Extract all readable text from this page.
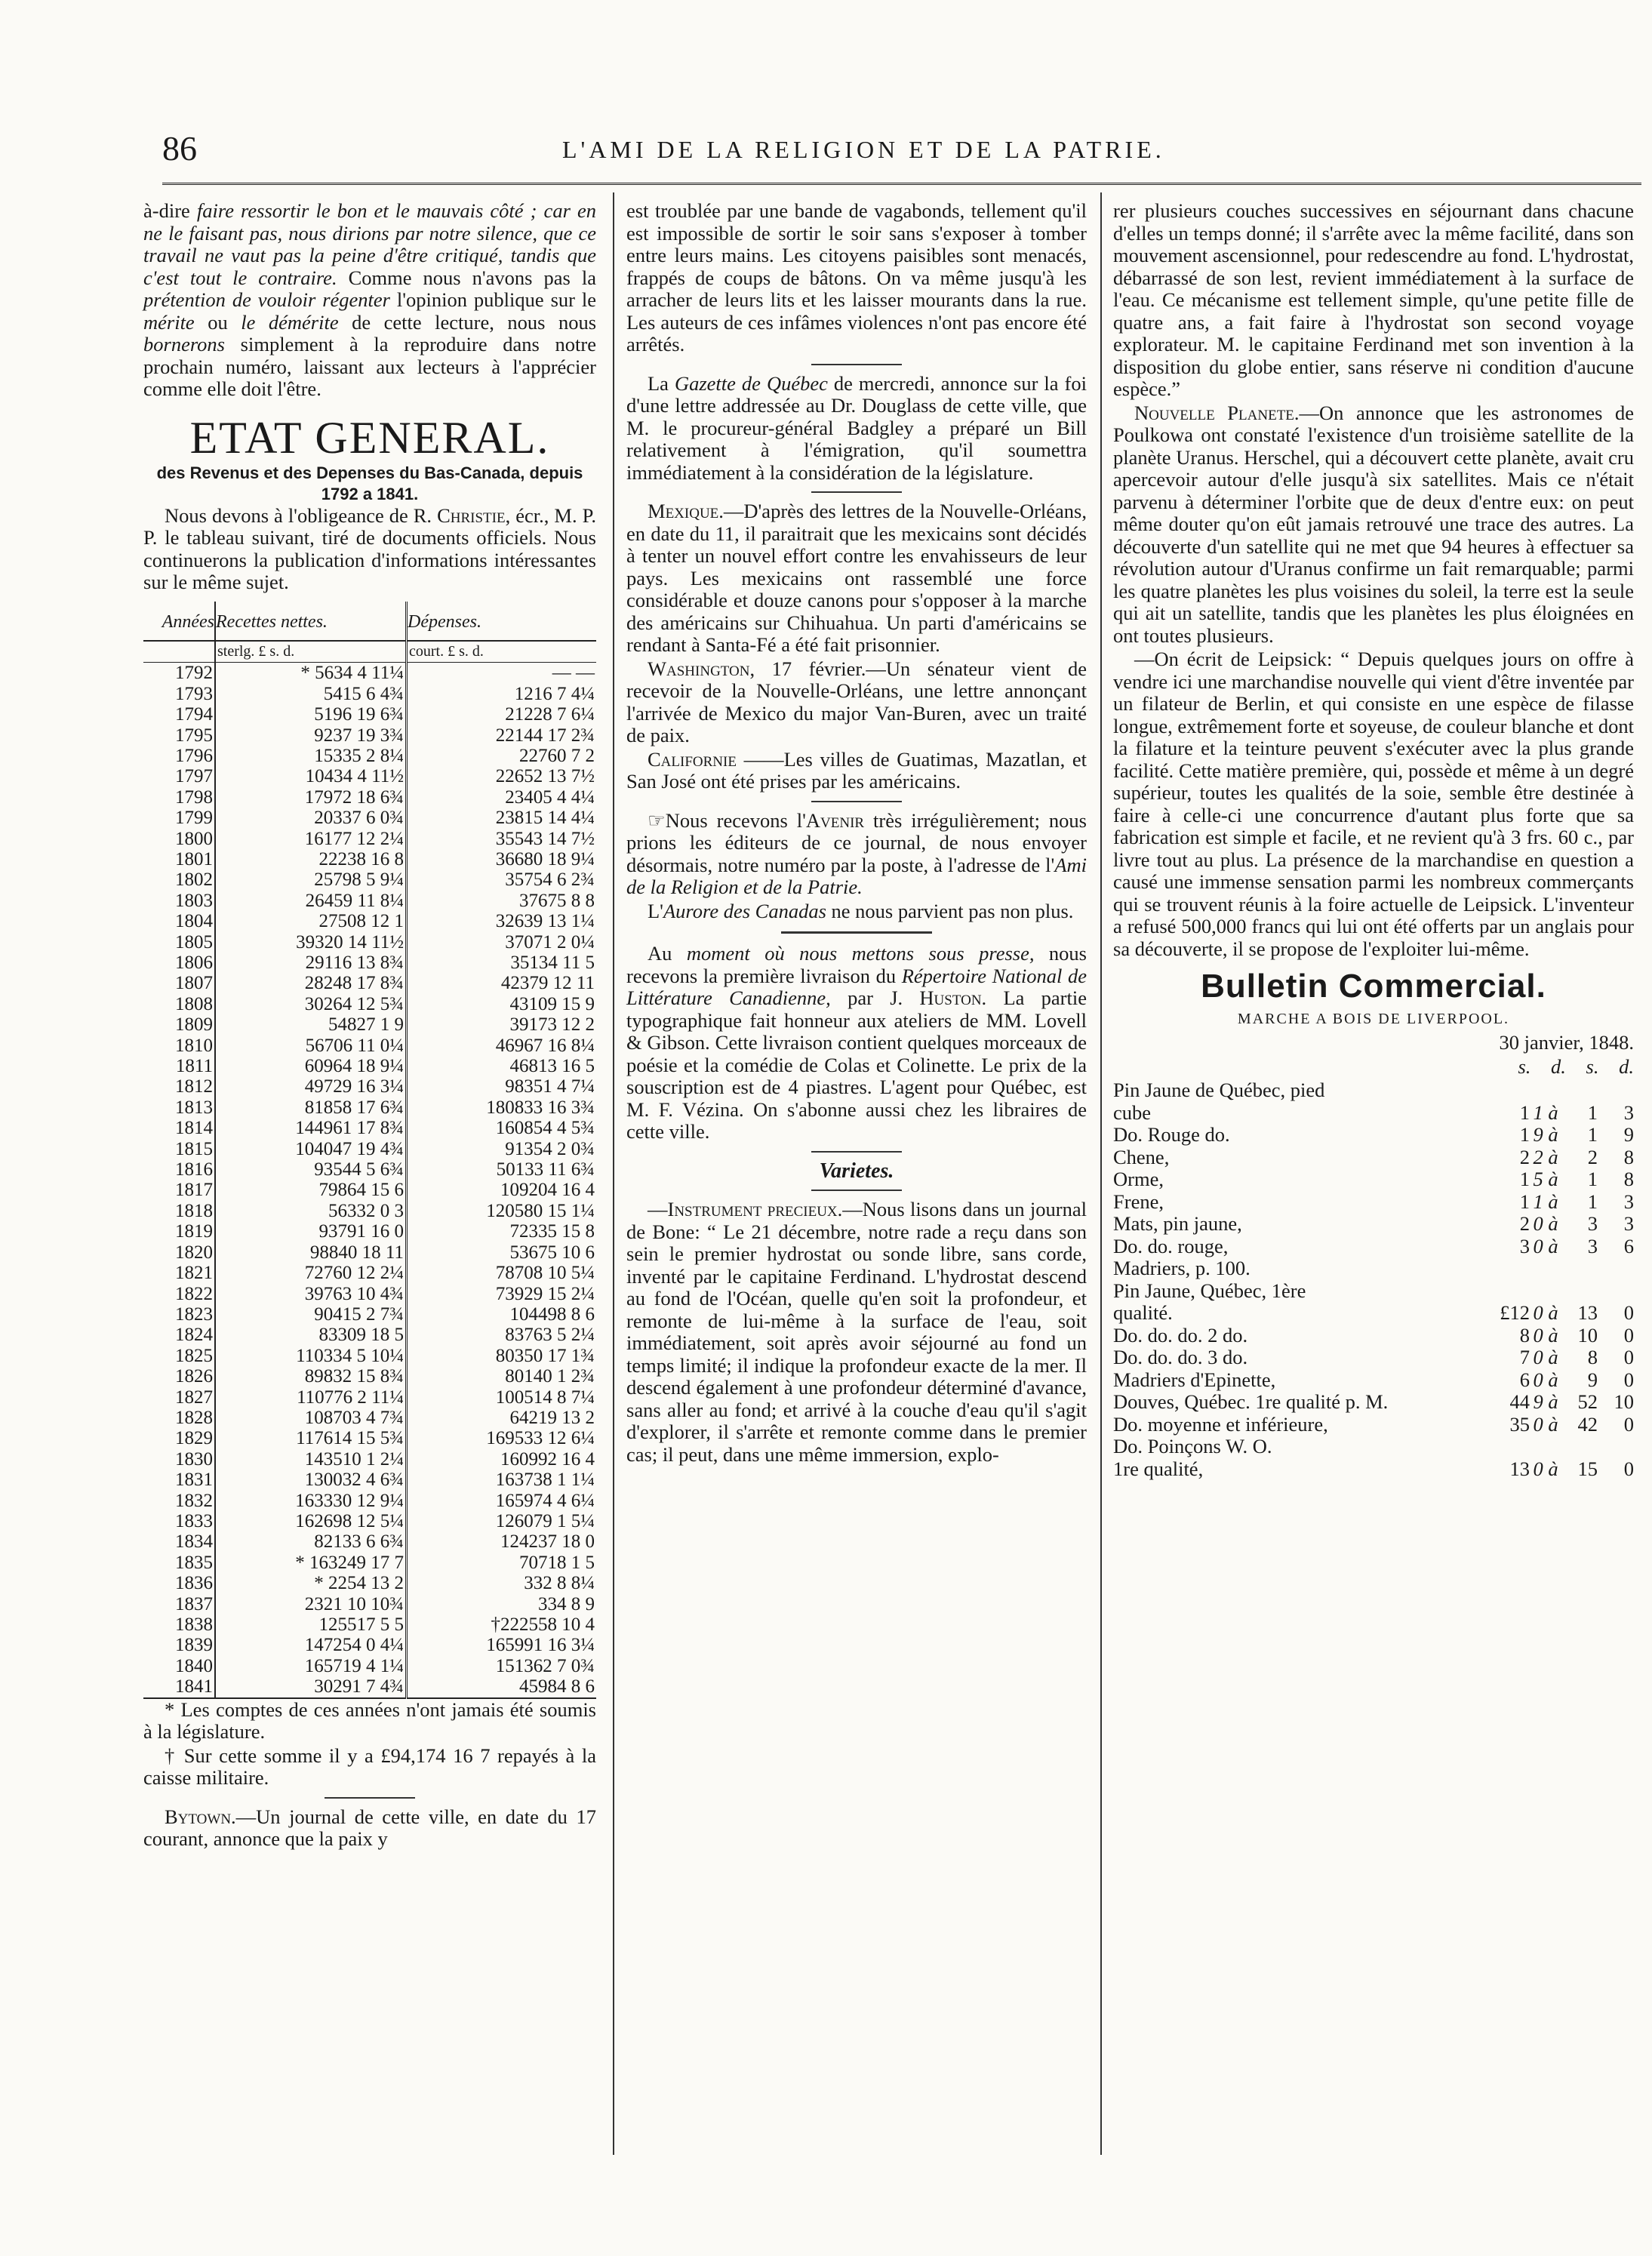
86	L'AMI DE LA RELIGION ET DE LA PATRIE.

à-dire faire ressortir le bon et le mauvais côté ; car en ne le faisant pas, nous dirions par notre silence, que ce travail ne vaut pas la peine d'être critiqué, tandis que c'est tout le contraire. Comme nous n'avons pas la prétention de vouloir régenter l'opinion publique sur le mérite ou le démérite de cette lecture, nous nous bornerons simplement à la reproduire dans notre prochain numéro, laissant aux lecteurs à l'apprécier comme elle doit l'être.

ETAT GENERAL.
des Revenus et des Depenses du Bas-Canada, depuis 1792 a 1841.

Nous devons à l'obligeance de R. Christie, écr., M. P. P. le tableau suivant, tiré de documents officiels. Nous continuerons la publication d'informations intéressantes sur le même sujet.

Années	Recettes nettes.	Dépenses.
	sterlg. £ s. d.	court. £ s. d.
1792	* 5634 4 11¼	— —
1793	5415 6 4¾	1216 7 4¼
1794	5196 19 6¾	21228 7 6¼
1795	9237 19 3¾	22144 17 2¾
1796	15335 2 8¼	22760 7 2
1797	10434 4 11½	22652 13 7½
1798	17972 18 6¾	23405 4 4¼
1799	20337 6 0¾	23815 14 4¼
1800	16177 12 2¼	35543 14 7½
1801	22238 16 8	36680 18 9¼
1802	25798 5 9¼	35754 6 2¾
1803	26459 11 8¼	37675 8 8
1804	27508 12 1	32639 13 1¼
1805	39320 14 11½	37071 2 0¼
1806	29116 13 8¾	35134 11 5
1807	28248 17 8¾	42379 12 11
1808	30264 12 5¾	43109 15 9
1809	54827 1 9	39173 12 2
1810	56706 11 0¼	46967 16 8¼
1811	60964 18 9¼	46813 16 5
1812	49729 16 3¼	98351 4 7¼
1813	81858 17 6¾	180833 16 3¾
1814	144961 17 8¾	160854 4 5¾
1815	104047 19 4¾	91354 2 0¾
1816	93544 5 6¾	50133 11 6¾
1817	79864 15 6	109204 16 4
1818	56332 0 3	120580 15 1¼
1819	93791 16 0	72335 15 8
1820	98840 18 11	53675 10 6
1821	72760 12 2¼	78708 10 5¼
1822	39763 10 4¾	73929 15 2¼
1823	90415 2 7¾	104498 8 6
1824	83309 18 5	83763 5 2¼
1825	110334 5 10¼	80350 17 1¾
1826	89832 15 8¾	80140 1 2¾
1827	110776 2 11¼	100514 8 7¼
1828	108703 4 7¾	64219 13 2
1829	117614 15 5¾	169533 12 6¼
1830	143510 1 2¼	160992 16 4
1831	130032 4 6¾	163738 1 1¼
1832	163330 12 9¼	165974 4 6¼
1833	162698 12 5¼	126079 1 5¼
1834	82133 6 6¾	124237 18 0
1835	* 163249 17 7	70718 1 5
1836	* 2254 13 2	332 8 8¼
1837	2321 10 10¾	334 8 9
1838	125517 5 5	†222558 10 4
1839	147254 0 4¼	165991 16 3¼
1840	165719 4 1¼	151362 7 0¾
1841	30291 7 4¾	45984 8 6

* Les comptes de ces années n'ont jamais été soumis à la législature.

† Sur cette somme il y a £94,174 16 7 repayés à la caisse militaire.

Bytown.—Un journal de cette ville, en date du 17 courant, annonce que la paix y

est troublée par une bande de vagabonds, tellement qu'il est impossible de sortir le soir sans s'exposer à tomber entre leurs mains. Les citoyens paisibles sont menacés, frappés de coups de bâtons. On va même jusqu'à les arracher de leurs lits et les laisser mourants dans la rue. Les auteurs de ces infâmes violences n'ont pas encore été arrêtés.

La Gazette de Québec de mercredi, annonce sur la foi d'une lettre addressée au Dr. Douglass de cette ville, que M. le procureur-général Badgley a préparé un Bill relativement à l'émigration, qu'il soumettra immédiatement à la considération de la législature.

Mexique.—D'après des lettres de la Nouvelle-Orléans, en date du 11, il paraitrait que les mexicains sont décidés à tenter un nouvel effort contre les envahisseurs de leur pays. Les mexicains ont rassemblé une force considérable et douze canons pour s'opposer à la marche des américains sur Chihuahua. Un parti d'américains se rendant à Santa-Fé a été fait prisonnier.

Washington, 17 février.—Un sénateur vient de recevoir de la Nouvelle-Orléans, une lettre annonçant l'arrivée de Mexico du major Van-Buren, avec un traité de paix.

Californie ——Les villes de Guatimas, Mazatlan, et San José ont été prises par les américains.

☞Nous recevons l'Avenir très irrégulièrement; nous prions les éditeurs de ce journal, de nous envoyer désormais, notre numéro par la poste, à l'adresse de l'Ami de la Religion et de la Patrie.

L'Aurore des Canadas ne nous parvient pas non plus.

Au moment où nous mettons sous presse, nous recevons la première livraison du Répertoire National de Littérature Canadienne, par J. Huston. La partie typographique fait honneur aux ateliers de MM. Lovell & Gibson. Cette livraison contient quelques morceaux de poésie et la comédie de Colas et Colinette. Le prix de la souscription est de 4 piastres. L'agent pour Québec, est M. F. Vézina. On s'abonne aussi chez les libraires de cette ville.

Varietes.

—Instrument precieux.—Nous lisons dans un journal de Bone: “ Le 21 décembre, notre rade a reçu dans son sein le premier hydrostat ou sonde libre, sans corde, inventé par le capitaine Ferdinand. L'hydrostat descend au fond de l'Océan, quelle qu'en soit la profondeur, et remonte de lui-même à la surface de l'eau, soit immédiatement, soit après avoir séjourné au fond un temps limité; il indique la profondeur exacte de la mer. Il descend également à une profondeur déterminé d'avance, sans aller au fond; et arrivé à la couche d'eau qu'il s'agit d'explorer, il s'arrête et remonte comme dans le premier cas; il peut, dans une même immersion, explo-

rer plusieurs couches successives en séjournant dans chacune d'elles un temps donné; il s'arrête avec la même facilité, dans son mouvement ascensionnel, pour redescendre au fond. L'hydrostat, débarrassé de son lest, revient immédiatement à la surface de l'eau. Ce mécanisme est tellement simple, qu'une petite fille de quatre ans, a fait faire à l'hydrostat son second voyage explorateur. M. le capitaine Ferdinand met son invention à la disposition du globe entier, sans réserve ni condition d'aucune espèce.”

Nouvelle Planete.—On annonce que les astronomes de Poulkowa ont constaté l'existence d'un troisième satellite de la planète Uranus. Herschel, qui a découvert cette planète, avait cru apercevoir autour d'elle jusqu'à six satellites. Mais ce n'était parvenu à déterminer l'orbite que de deux d'entre eux: on peut même douter qu'on eût jamais retrouvé une trace des autres. La découverte d'un satellite qui ne met que 94 heures à effectuer sa révolution autour d'Uranus confirme un fait remarquable; parmi les quatre planètes les plus voisines du soleil, la terre est la seule qui ait un satellite, tandis que les planètes les plus éloignées en ont toutes plusieurs.

—On écrit de Leipsick: “ Depuis quelques jours on offre à vendre ici une marchandise nouvelle qui vient d'être inventée par un filateur de Berlin, et qui consiste en une espèce de filasse longue, extrêmement forte et soyeuse, de couleur blanche et dont la filature et la teinture peuvent s'exécuter avec la plus grande facilité. Cette matière première, qui, possède et même à un degré supérieur, toutes les qualités de la soie, semble être destinée à faire à celle-ci une concurrence d'autant plus forte que sa fabrication est simple et facile, et ne revient qu'à 3 frs. 60 c., par livre tout au plus. La présence de la marchandise en question a causé une immense sensation parmi les nombreux commerçants qui se trouvent réunis à la foire actuelle de Leipsick. L'inventeur a refusé 500,000 francs qui lui ont été offerts par un anglais pour sa découverte, il se propose de l'exploiter lui-même.

Bulletin Commercial.

MARCHE A BOIS DE LIVERPOOL.

30 janvier, 1848.

s. d. s. d.

Pin Jaune de Québec, pied				
cube	1	1 à	1	3
Do. Rouge do.	1	9 à	1	9
Chene,	2	2 à	2	8
Orme,	1	5 à	1	8
Frene,	1	1 à	1	3
Mats, pin jaune,	2	0 à	3	3
Do. do. rouge,	3	0 à	3	6
Madriers, p. 100.				
Pin Jaune, Québec, 1ère				
qualité.	£12	0 à	13	0
Do. do. do. 2 do.	8	0 à	10	0
Do. do. do. 3 do.	7	0 à	8	0
Madriers d'Epinette,	6	0 à	9	0
Douves, Québec. 1re qualité p. M.	44	9 à	52	10
Do. moyenne et inférieure,	35	0 à	42	0
Do. Poinçons W. O.				
1re qualité,	13	0 à	15	0
